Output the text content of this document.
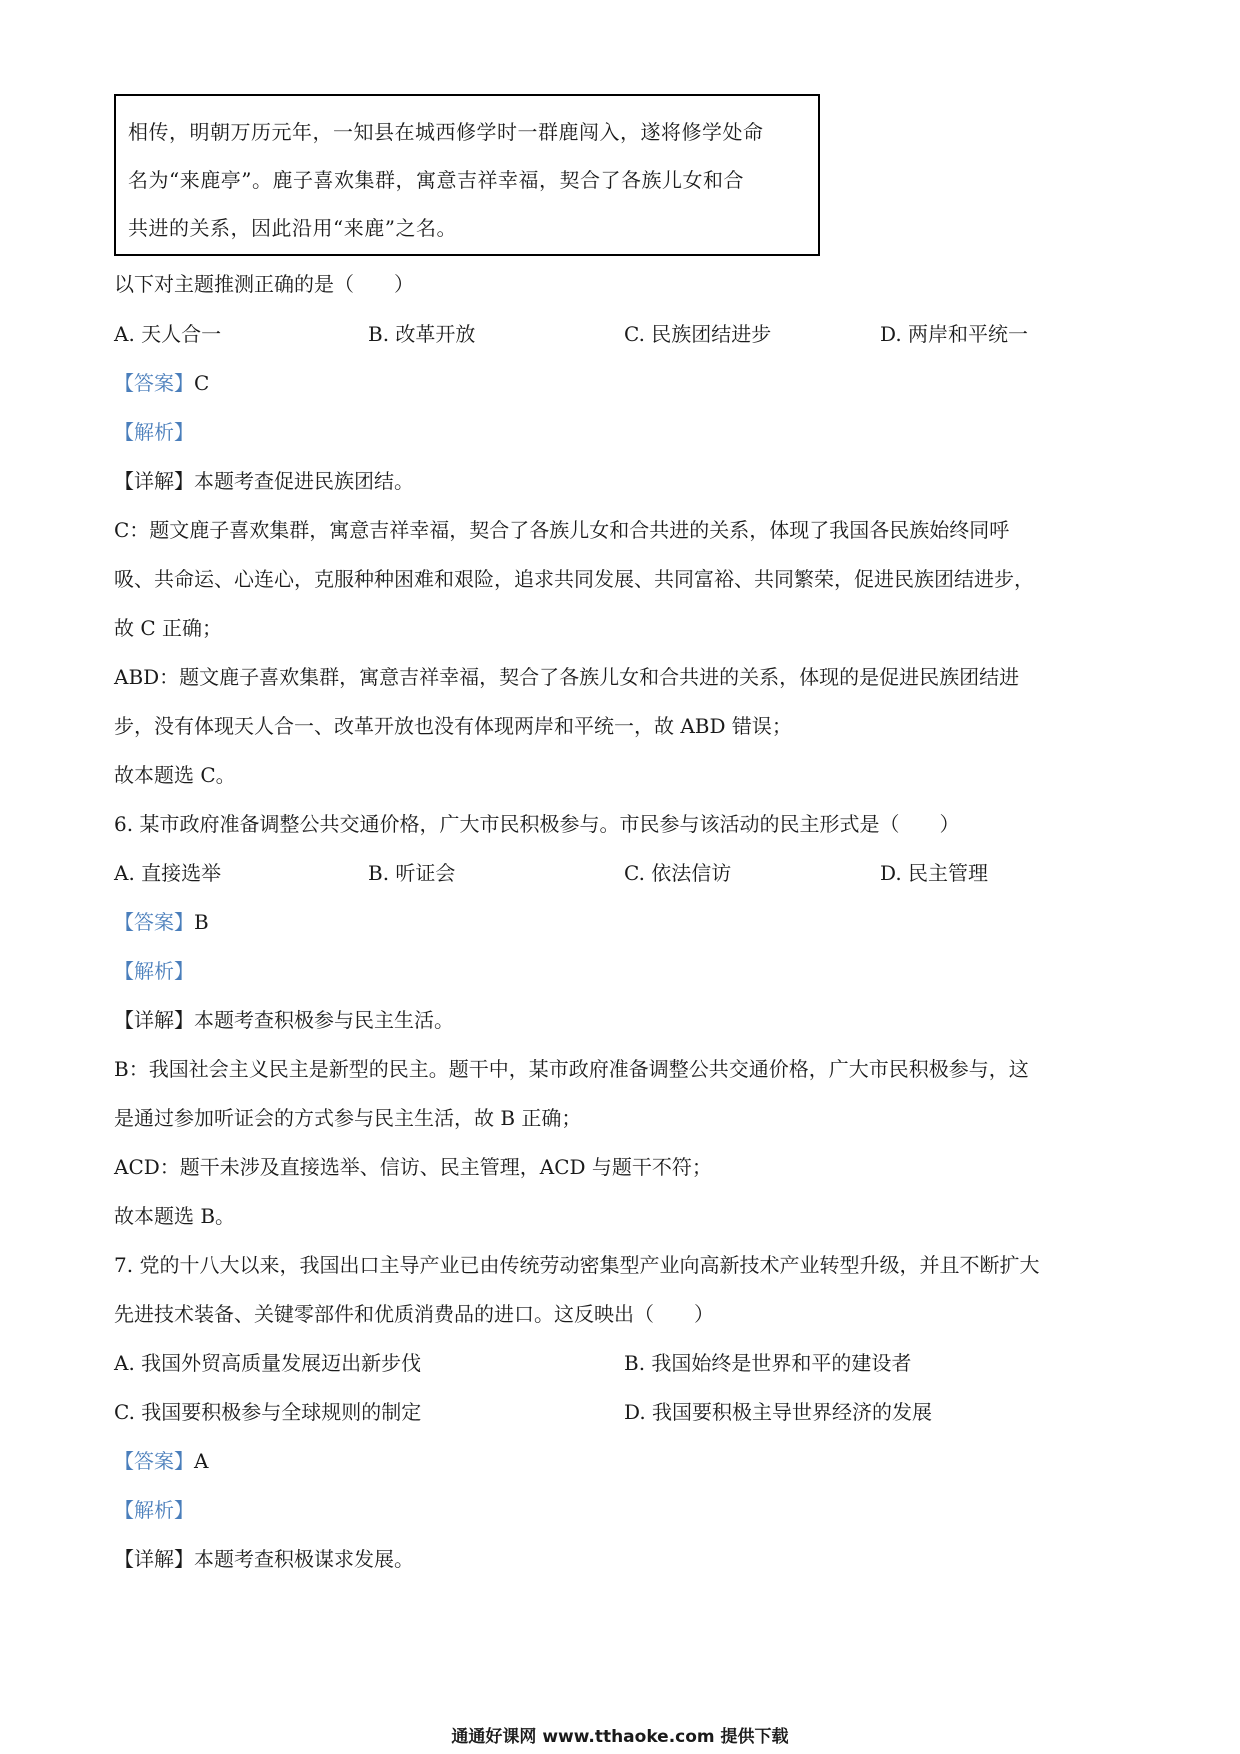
相传，明朝万历元年，一知县在城西修学时一群鹿闯入，遂将修学处命

名为“来鹿亭”。鹿子喜欢集群，寓意吉祥幸福，契合了各族儿女和合

共进的关系，因此沿用“来鹿”之名。

以下对主题推测正确的是（　　）
A. 天人合一	B. 改革开放	C. 民族团结进步	D. 两岸和平统一
【答案】C
【解析】
【详解】本题考查促进民族团结。
C：题文鹿子喜欢集群，寓意吉祥幸福，契合了各族儿女和合共进的关系，体现了我国各民族始终同呼
吸、共命运、心连心，克服种种困难和艰险，追求共同发展、共同富裕、共同繁荣，促进民族团结进步，
故 C 正确；
ABD：题文鹿子喜欢集群，寓意吉祥幸福，契合了各族儿女和合共进的关系，体现的是促进民族团结进
步，没有体现天人合一、改革开放也没有体现两岸和平统一，故 ABD 错误；
故本题选 C。
6. 某市政府准备调整公共交通价格，广大市民积极参与。市民参与该活动的民主形式是（　　）
A. 直接选举	B. 听证会	C. 依法信访	D. 民主管理
【答案】B
【解析】
【详解】本题考查积极参与民主生活。
B：我国社会主义民主是新型的民主。题干中，某市政府准备调整公共交通价格，广大市民积极参与，这
是通过参加听证会的方式参与民主生活，故 B 正确；
ACD：题干未涉及直接选举、信访、民主管理，ACD 与题干不符；
故本题选 B。
7. 党的十八大以来，我国出口主导产业已由传统劳动密集型产业向高新技术产业转型升级，并且不断扩大
先进技术装备、关键零部件和优质消费品的进口。这反映出（　　）
A. 我国外贸高质量发展迈出新步伐	B. 我国始终是世界和平的建设者
C. 我国要积极参与全球规则的制定	D. 我国要积极主导世界经济的发展
【答案】A
【解析】
【详解】本题考查积极谋求发展。
通通好课网 www.tthaoke.com 提供下载
